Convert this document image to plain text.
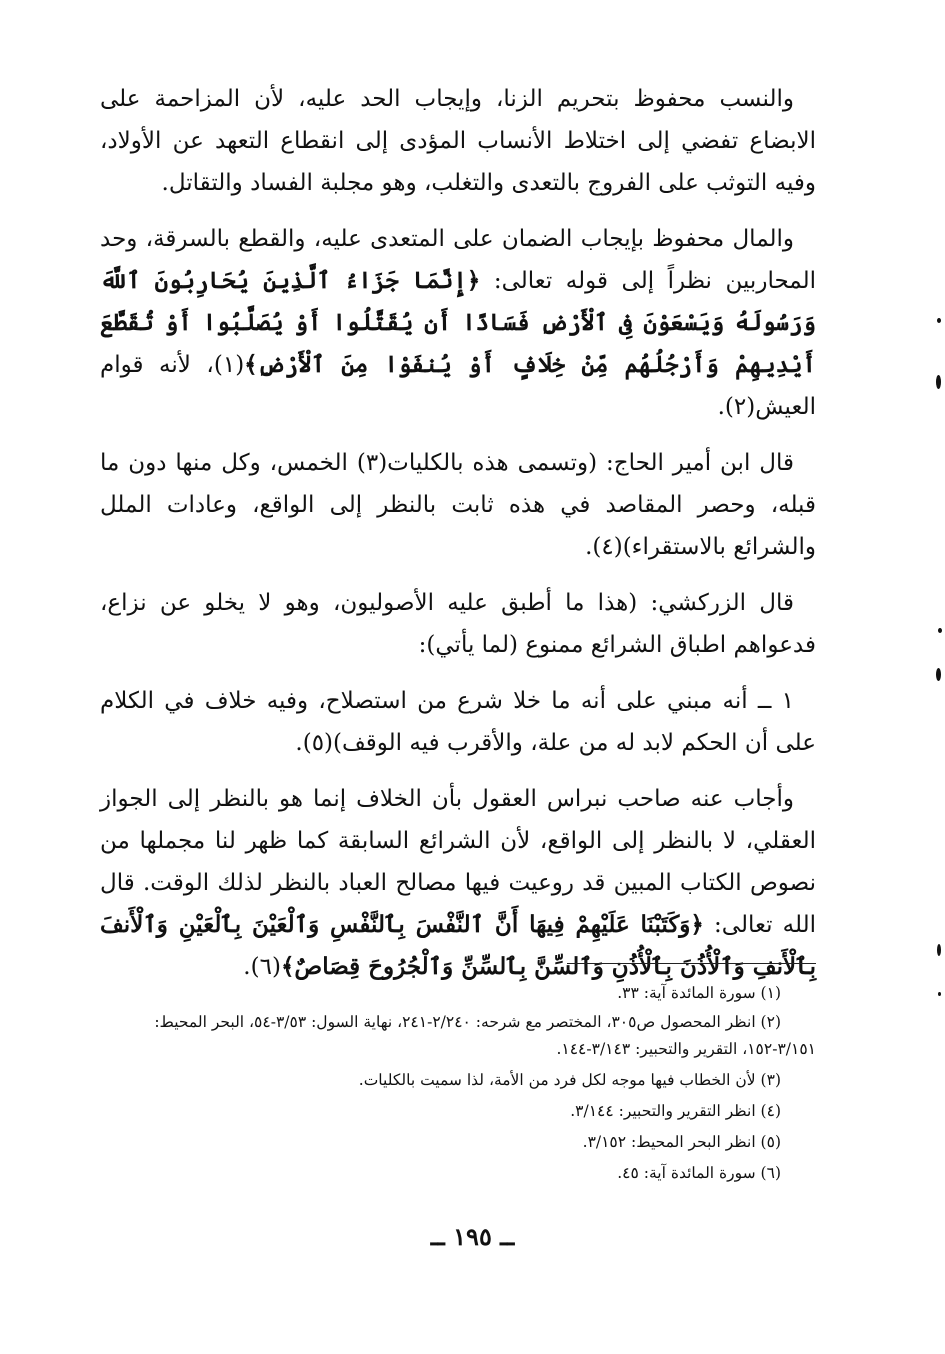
والنسب محفوظ بتحريم الزنا، وإيجاب الحد عليه، لأن المزاحمة على الابضاع تفضي إلى اختلاط الأنساب المؤدى إلى انقطاع التعهد عن الأولاد، وفيه التوثب على الفروج بالتعدى والتغلب، وهو مجلبة الفساد والتقاتل.

والمال محفوظ بإيجاب الضمان على المتعدى عليه، والقطع بالسرقة، وحد المحاربين نظراً إلى قوله تعالى: ﴿إِنَّمَا جَزَاءُ ٱلَّذِينَ يُحَارِبُونَ ٱللَّهَ وَرَسُولَهُ وَيَسْعَوْنَ فِى ٱلْأَرْضِ فَسَادًا أَن يُقَتَّلُوا أَوْ يُصَلَّبُوا أَوْ تُقَطَّعَ أَيْدِيهِمْ وَأَرْجُلُهُم مِّنْ خِلَافٍ أَوْ يُنفَوْا مِنَ ٱلْأَرْضِ﴾(١)، لأنه قوام العيش(٢).

قال ابن أمير الحاج: (وتسمى هذه بالكليات(٣) الخمس، وكل منها دون ما قبله، وحصر المقاصد في هذه ثابت بالنظر إلى الواقع، وعادات الملل والشرائع بالاستقراء)(٤).

قال الزركشي: (هذا ما أطبق عليه الأصوليون، وهو لا يخلو عن نزاع، فدعواهم اطباق الشرائع ممنوع (لما يأتي):

١ ــ أنه مبني على أنه ما خلا شرع من استصلاح، وفيه خلاف في الكلام على أن الحكم لابد له من علة، والأقرب فيه الوقف)(٥).

وأجاب عنه صاحب نبراس العقول بأن الخلاف إنما هو بالنظر إلى الجواز العقلي، لا بالنظر إلى الواقع، لأن الشرائع السابقة كما ظهر لنا مجملها من نصوص الكتاب المبين قد روعيت فيها مصالح العباد بالنظر لذلك الوقت. قال الله تعالى: ﴿وَكَتَبْنَا عَلَيْهِمْ فِيهَا أَنَّ ٱلنَّفْسَ بِٱلنَّفْسِ وَٱلْعَيْنَ بِٱلْعَيْنِ وَٱلْأَنفَ بِٱلْأَنفِ وَٱلْأُذُنَ بِٱلْأُذُنِ وَٱلسِّنَّ بِٱلسِّنِّ وَٱلْجُرُوحَ قِصَاصٌ﴾(٦).

(١) سورة المائدة آية: ٣٣.

(٢) انظر المحصول ص٣٠٥، المختصر مع شرحه: ٢/٢٤٠-٢٤١، نهاية السول: ٣/٥٣-٥٤، البحر المحيط: ٣/١٥١-١٥٢، التقرير والتحبير: ٣/١٤٣-١٤٤.

(٣) لأن الخطاب فيها موجه لكل فرد من الأمة، لذا سميت بالكليات.

(٤) انظر التقرير والتحبير: ٣/١٤٤.

(٥) انظر البحر المحيط: ٣/١٥٢.

(٦) سورة المائدة آية: ٤٥.

ــ ١٩٥ ــ
